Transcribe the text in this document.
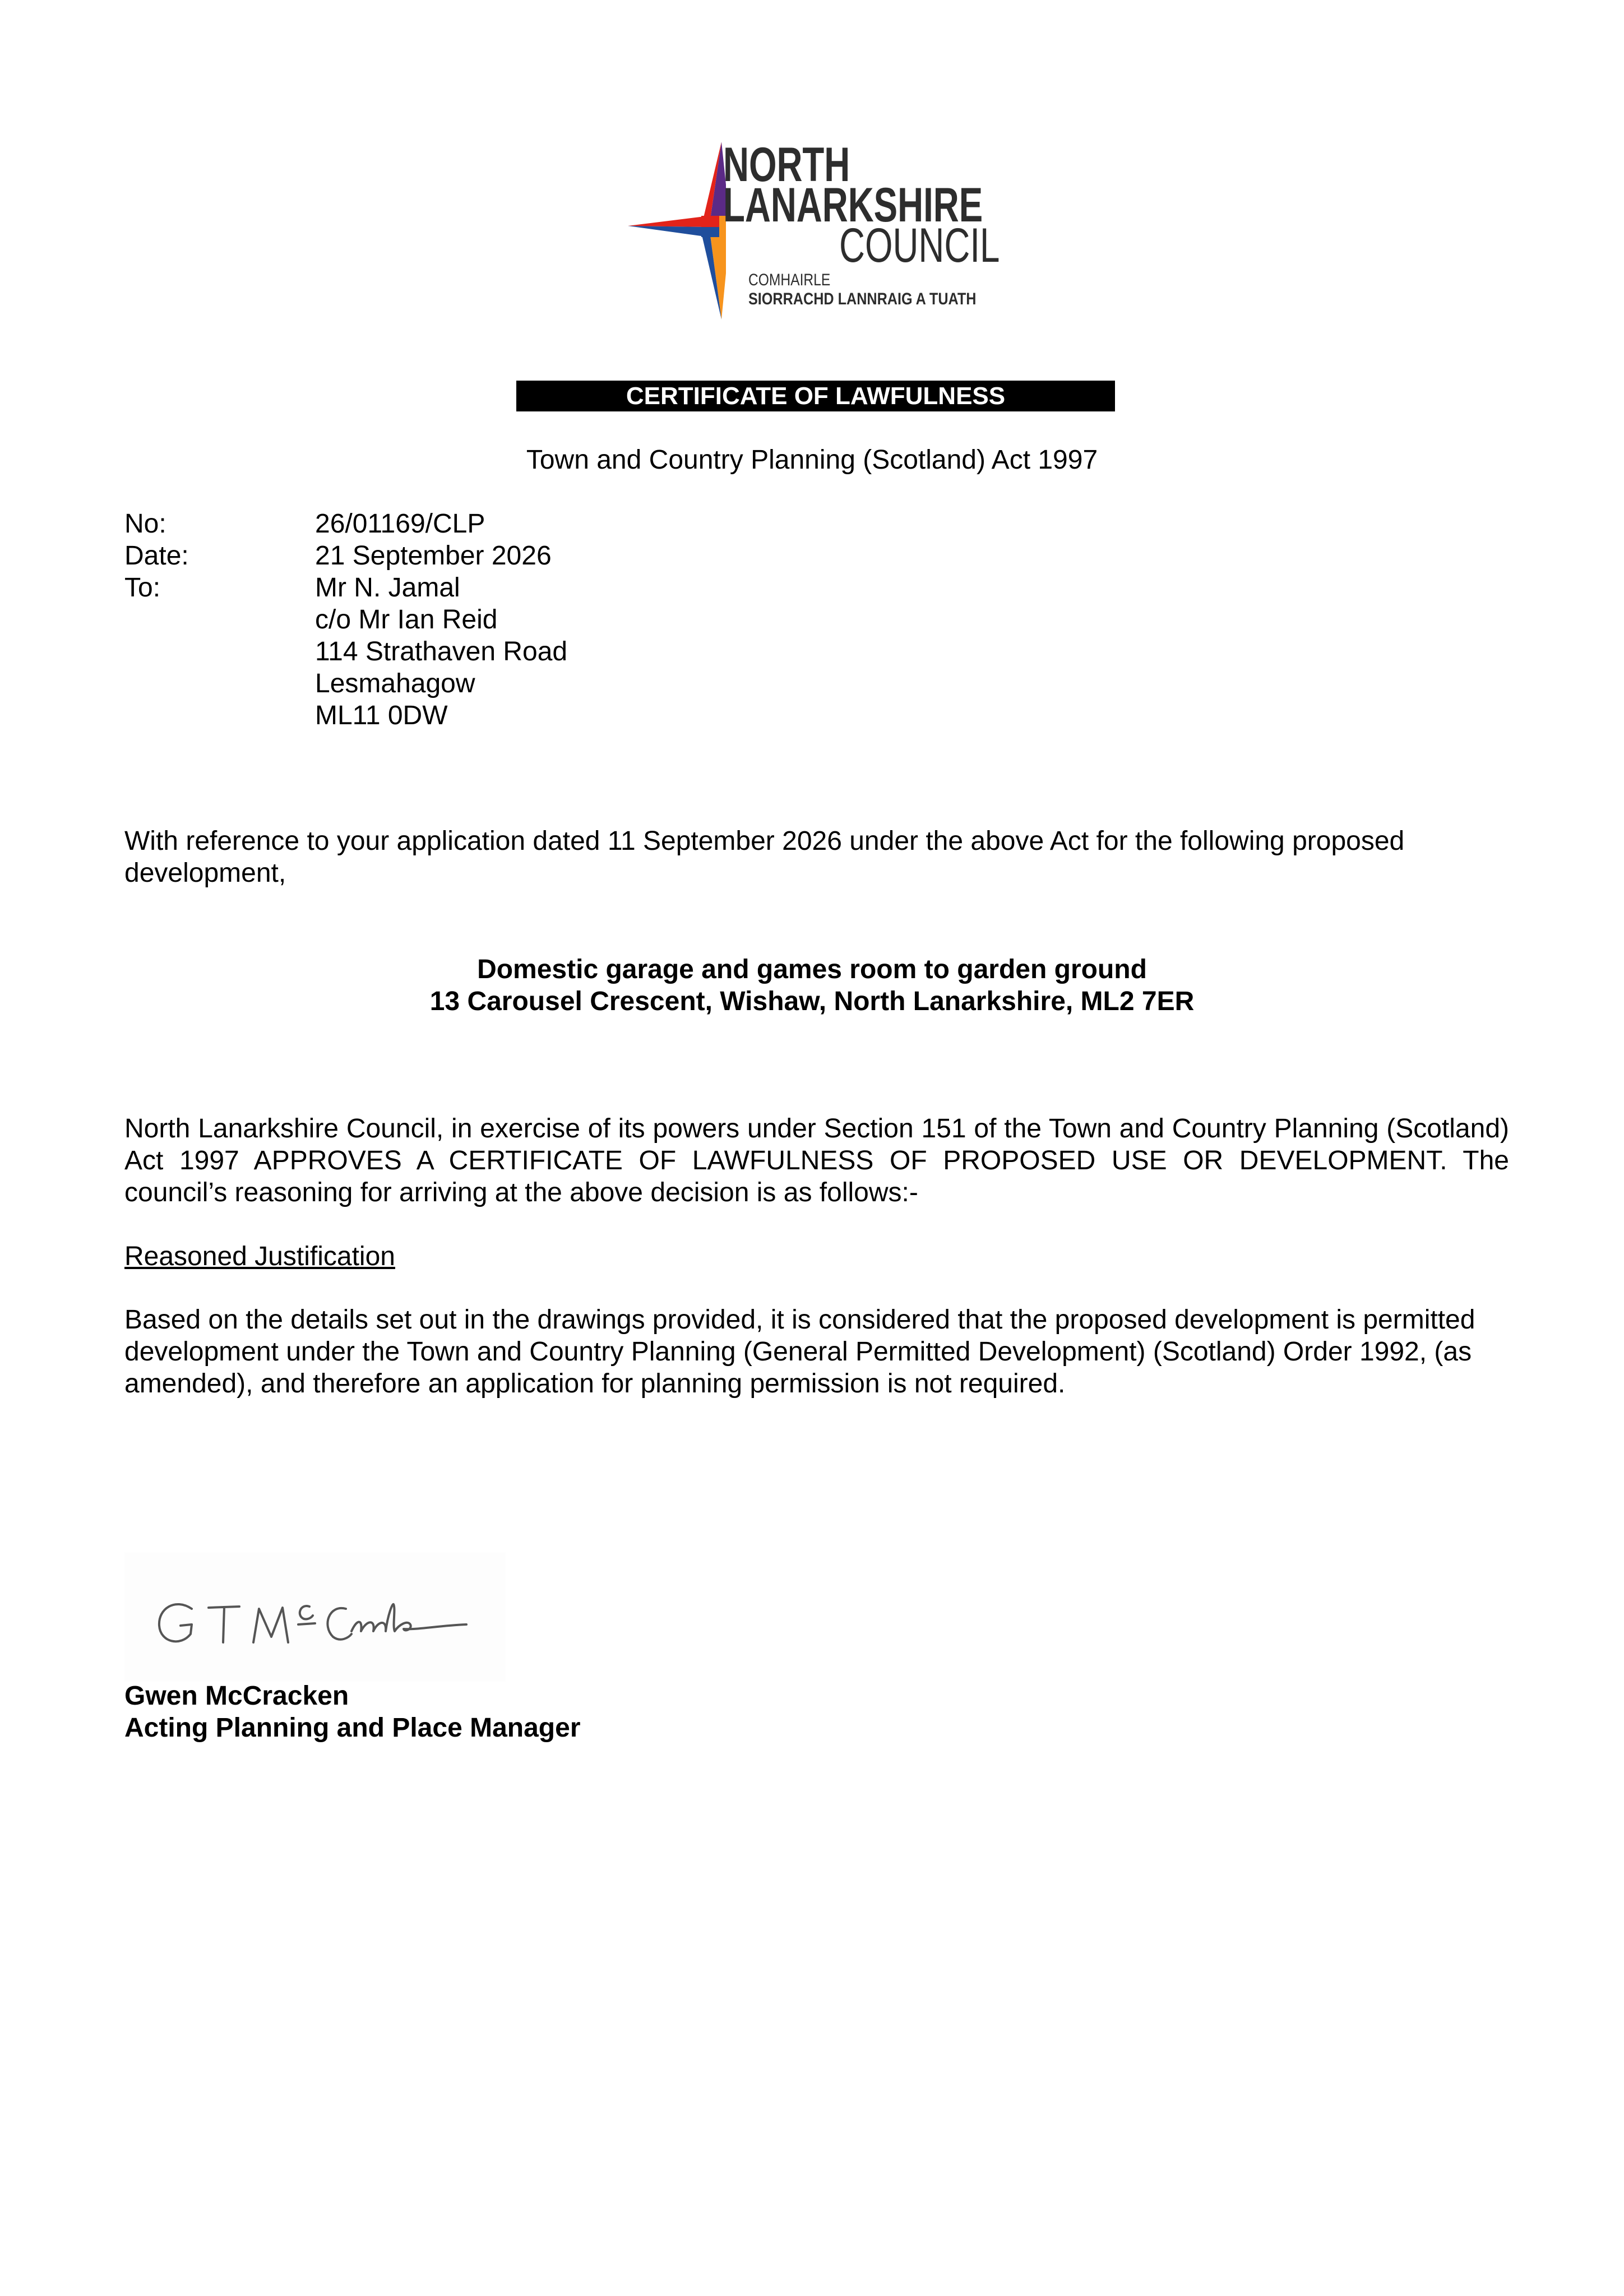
NORTH
LANARKSHIRE
COUNCIL
COMHAIRLE
SIORRACHD LANNRAIG A TUATH
CERTIFICATE OF LAWFULNESS
Town and Country Planning (Scotland) Act 1997
No:	26/01169/CLP
Date:	21 September 2026
To:	Mr N. Jamal
c/o Mr Ian Reid
114 Strathaven Road
Lesmahagow
ML11 0DW
With reference to your application dated 11 September 2026 under the above Act for the following proposed development,
Domestic garage and games room to garden ground
13 Carousel Crescent, Wishaw, North Lanarkshire, ML2 7ER
North Lanarkshire Council, in exercise of its powers under Section 151 of the Town and Country Planning (Scotland) Act 1997 APPROVES A CERTIFICATE OF LAWFULNESS OF PROPOSED USE OR DEVELOPMENT. The council’s reasoning for arriving at the above decision is as follows:-
Reasoned Justification
Based on the details set out in the drawings provided, it is considered that the proposed development is permitted development under the Town and Country Planning (General Permitted Development) (Scotland) Order 1992, (as amended), and therefore an application for planning permission is not required.
Gwen McCracken
Acting Planning and Place Manager
